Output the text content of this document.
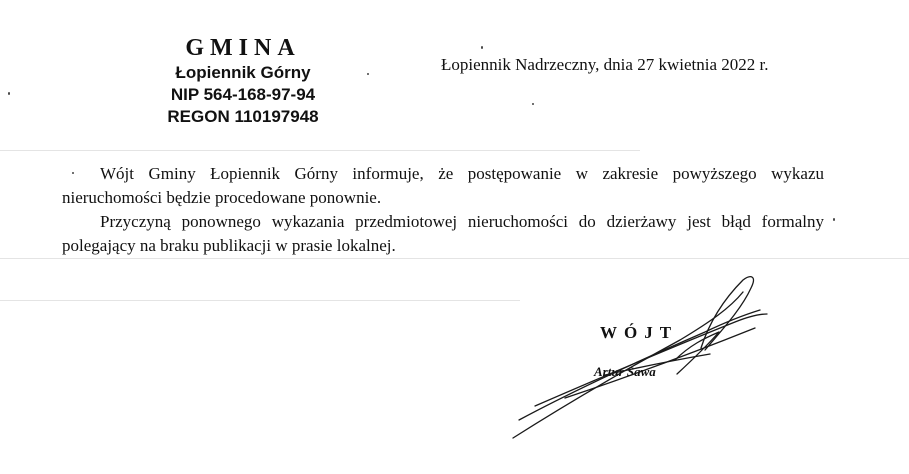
GMINA
Łopiennik Górny
NIP 564-168-97-94
REGON 110197948
Łopiennik Nadrzeczny, dnia 27 kwietnia 2022 r.

Wójt Gminy Łopiennik Górny informuje, że postępowanie w zakresie powyższego wykazu nieruchomości będzie procedowane ponownie.

Przyczyną ponownego wykazania przedmiotowej nieruchomości do dzierżawy jest błąd formalny polegający na braku publikacji w prasie lokalnej.

WÓJT
Artur Sawa
